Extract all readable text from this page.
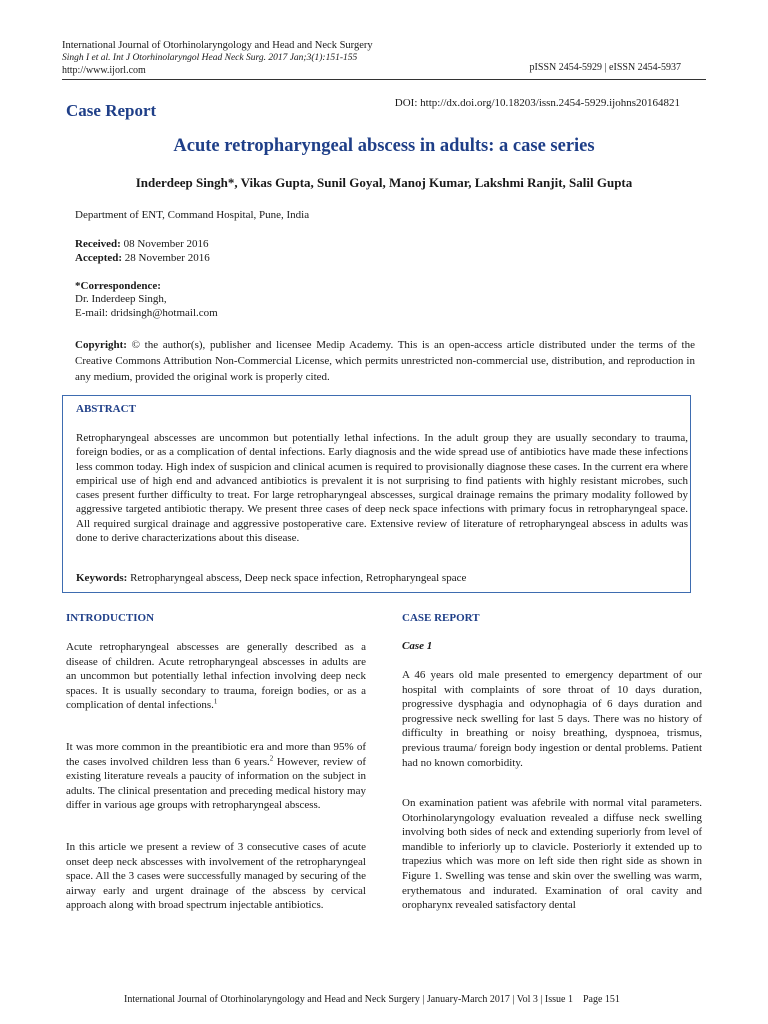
International Journal of Otorhinolaryngology and Head and Neck Surgery
Singh I et al. Int J Otorhinolaryngol Head Neck Surg. 2017 Jan;3(1):151-155
http://www.ijorl.com	pISSN 2454-5929 | eISSN 2454-5937
Case Report	DOI: http://dx.doi.org/10.18203/issn.2454-5929.ijohns20164821
Acute retropharyngeal abscess in adults: a case series
Inderdeep Singh*, Vikas Gupta, Sunil Goyal, Manoj Kumar, Lakshmi Ranjit, Salil Gupta
Department of ENT, Command Hospital, Pune, India
Received: 08 November 2016
Accepted: 28 November 2016
*Correspondence:
Dr. Inderdeep Singh,
E-mail: dridsingh@hotmail.com
Copyright: © the author(s), publisher and licensee Medip Academy. This is an open-access article distributed under the terms of the Creative Commons Attribution Non-Commercial License, which permits unrestricted non-commercial use, distribution, and reproduction in any medium, provided the original work is properly cited.
ABSTRACT
Retropharyngeal abscesses are uncommon but potentially lethal infections. In the adult group they are usually secondary to trauma, foreign bodies, or as a complication of dental infections. Early diagnosis and the wide spread use of antibiotics have made these infections less common today. High index of suspicion and clinical acumen is required to provisionally diagnose these cases. In the current era where empirical use of high end and advanced antibiotics is prevalent it is not surprising to find patients with highly resistant microbes, such cases present further difficulty to treat. For large retropharyngeal abscesses, surgical drainage remains the primary modality followed by aggressive targeted antibiotic therapy. We present three cases of deep neck space infections with primary focus in retropharyngeal space. All required surgical drainage and aggressive postoperative care. Extensive review of literature of retropharyngeal abscess in adults was done to derive characterizations about this disease.
Keywords: Retropharyngeal abscess, Deep neck space infection, Retropharyngeal space
INTRODUCTION
Acute retropharyngeal abscesses are generally described as a disease of children. Acute retropharyngeal abscesses in adults are an uncommon but potentially lethal infection involving deep neck spaces. It is usually secondary to trauma, foreign bodies, or as a complication of dental infections.$^1$
It was more common in the preantibiotic era and more than 95% of the cases involved children less than 6 years.$^2$ However, review of existing literature reveals a paucity of information on the subject in adults. The clinical presentation and preceding medical history may differ in various age groups with retropharyngeal abscess.
In this article we present a review of 3 consecutive cases of acute onset deep neck abscesses with involvement of the retropharyngeal space. All the 3 cases were successfully managed by securing of the airway early and urgent drainage of the abscess by cervical approach along with broad spectrum injectable antibiotics.
CASE REPORT
Case 1
A 46 years old male presented to emergency department of our hospital with complaints of sore throat of 10 days duration, progressive dysphagia and odynophagia of 6 days duration and progressive neck swelling for last 5 days. There was no history of difficulty in breathing or noisy breathing, dyspnoea, trismus, previous trauma/ foreign body ingestion or dental problems. Patient had no known comorbidity.
On examination patient was afebrile with normal vital parameters. Otorhinolaryngology evaluation revealed a diffuse neck swelling involving both sides of neck and extending superiorly from level of mandible to inferiorly up to clavicle. Posteriorly it extended up to trapezius which was more on left side then right side as shown in Figure 1. Swelling was tense and skin over the swelling was warm, erythematous and indurated. Examination of oral cavity and oropharynx revealed satisfactory dental
International Journal of Otorhinolaryngology and Head and Neck Surgery | January-March 2017 | Vol 3 | Issue 1    Page 151
